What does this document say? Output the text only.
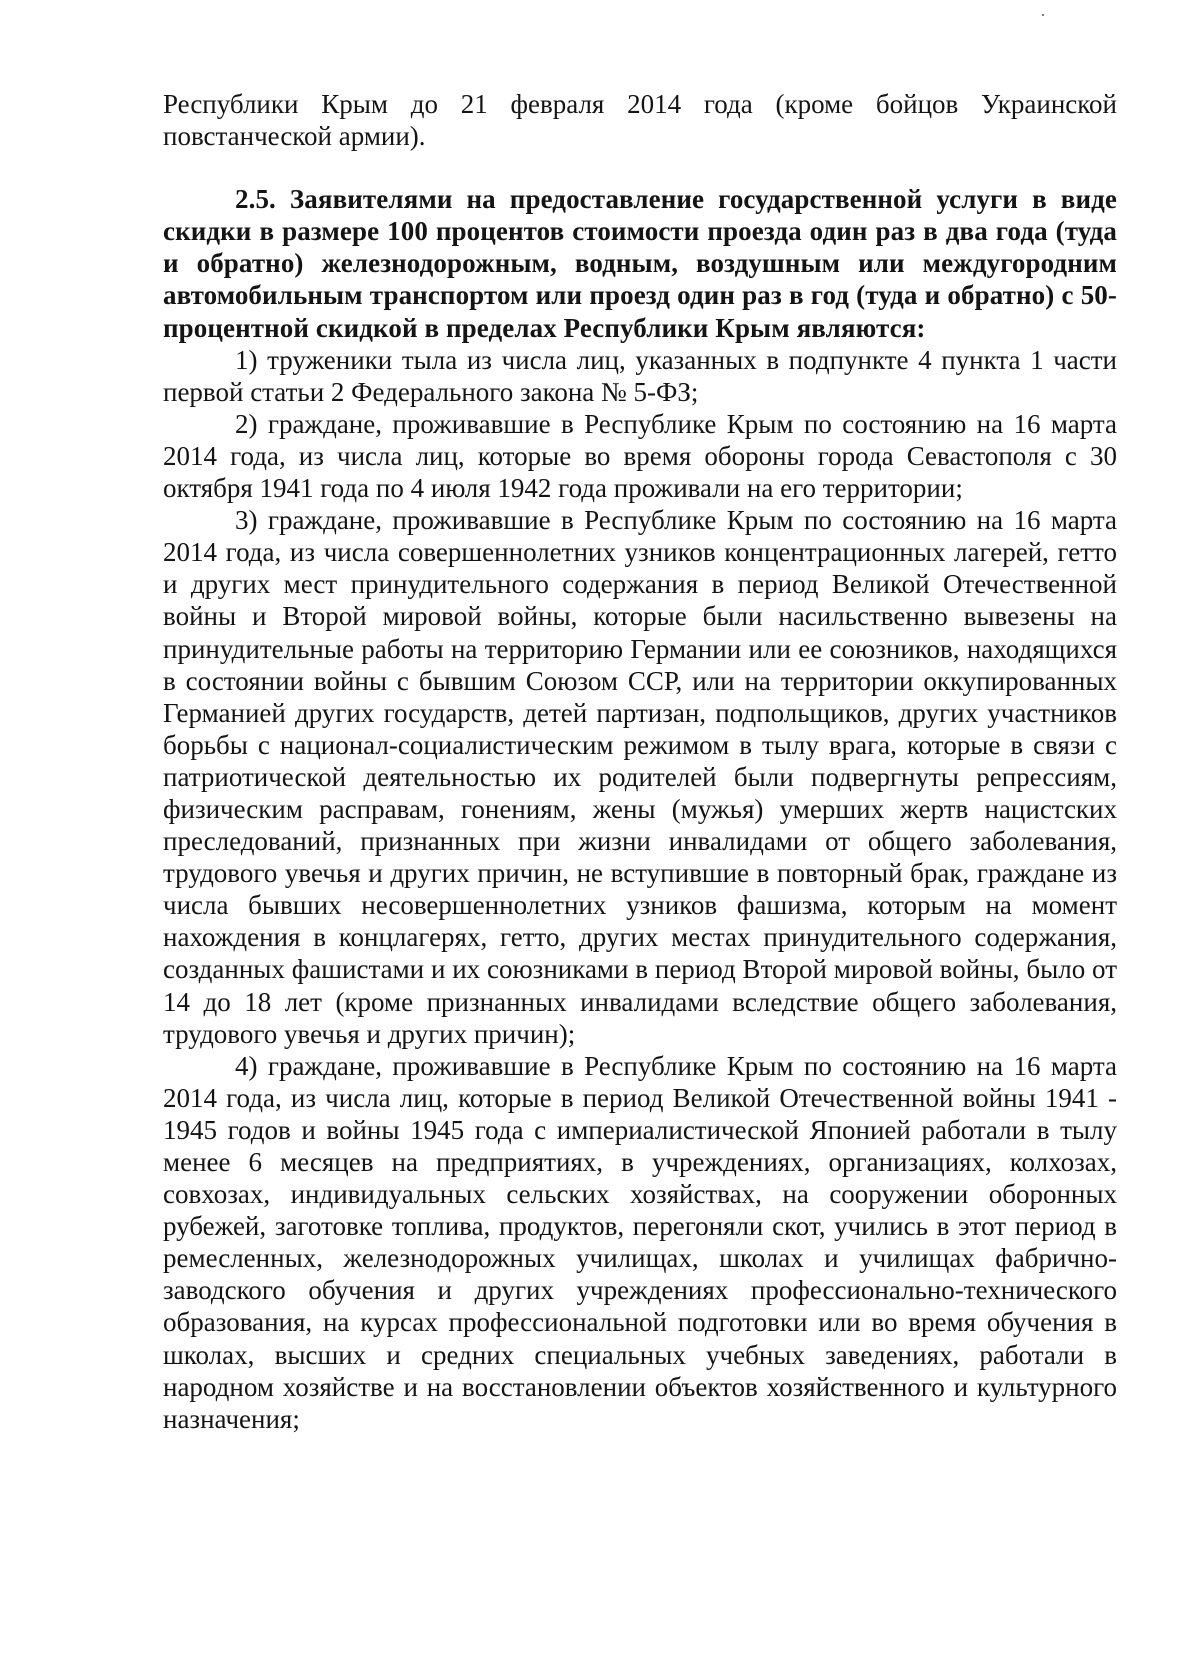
Республики Крым до 21 февраля 2014 года (кроме бойцов Украинской повстанческой армии).

2.5. Заявителями на предоставление государственной услуги в виде скидки в размере 100 процентов стоимости проезда один раз в два года (туда и обратно) железнодорожным, водным, воздушным или междугородним автомобильным транспортом или проезд один раз в год (туда и обратно) с 50-процентной скидкой в пределах Республики Крым являются:

1) труженики тыла из числа лиц, указанных в подпункте 4 пункта 1 части первой статьи 2 Федерального закона № 5-ФЗ;

2) граждане, проживавшие в Республике Крым по состоянию на 16 марта 2014 года, из числа лиц, которые во время обороны города Севастополя с 30 октября 1941 года по 4 июля 1942 года проживали на его территории;

3) граждане, проживавшие в Республике Крым по состоянию на 16 марта 2014 года, из числа совершеннолетних узников концентрационных лагерей, гетто и других мест принудительного содержания в период Великой Отечественной войны и Второй мировой войны, которые были насильственно вывезены на принудительные работы на территорию Германии или ее союзников, находящихся в состоянии войны с бывшим Союзом ССР, или на территории оккупированных Германией других государств, детей партизан, подпольщиков, других участников борьбы с национал-социалистическим режимом в тылу врага, которые в связи с патриотической деятельностью их родителей были подвергнуты репрессиям, физическим расправам, гонениям, жены (мужья) умерших жертв нацистских преследований, признанных при жизни инвалидами от общего заболевания, трудового увечья и других причин, не вступившие в повторный брак, граждане из числа бывших несовершеннолетних узников фашизма, которым на момент нахождения в концлагерях, гетто, других местах принудительного содержания, созданных фашистами и их союзниками в период Второй мировой войны, было от 14 до 18 лет (кроме признанных инвалидами вследствие общего заболевания, трудового увечья и других причин);

4) граждане, проживавшие в Республике Крым по состоянию на 16 марта 2014 года, из числа лиц, которые в период Великой Отечественной войны 1941 - 1945 годов и войны 1945 года с империалистической Японией работали в тылу менее 6 месяцев на предприятиях, в учреждениях, организациях, колхозах, совхозах, индивидуальных сельских хозяйствах, на сооружении оборонных рубежей, заготовке топлива, продуктов, перегоняли скот, учились в этот период в ремесленных, железнодорожных училищах, школах и училищах фабрично-заводского обучения и других учреждениях профессионально-технического образования, на курсах профессиональной подготовки или во время обучения в школах, высших и средних специальных учебных заведениях, работали в народном хозяйстве и на восстановлении объектов хозяйственного и культурного назначения;
